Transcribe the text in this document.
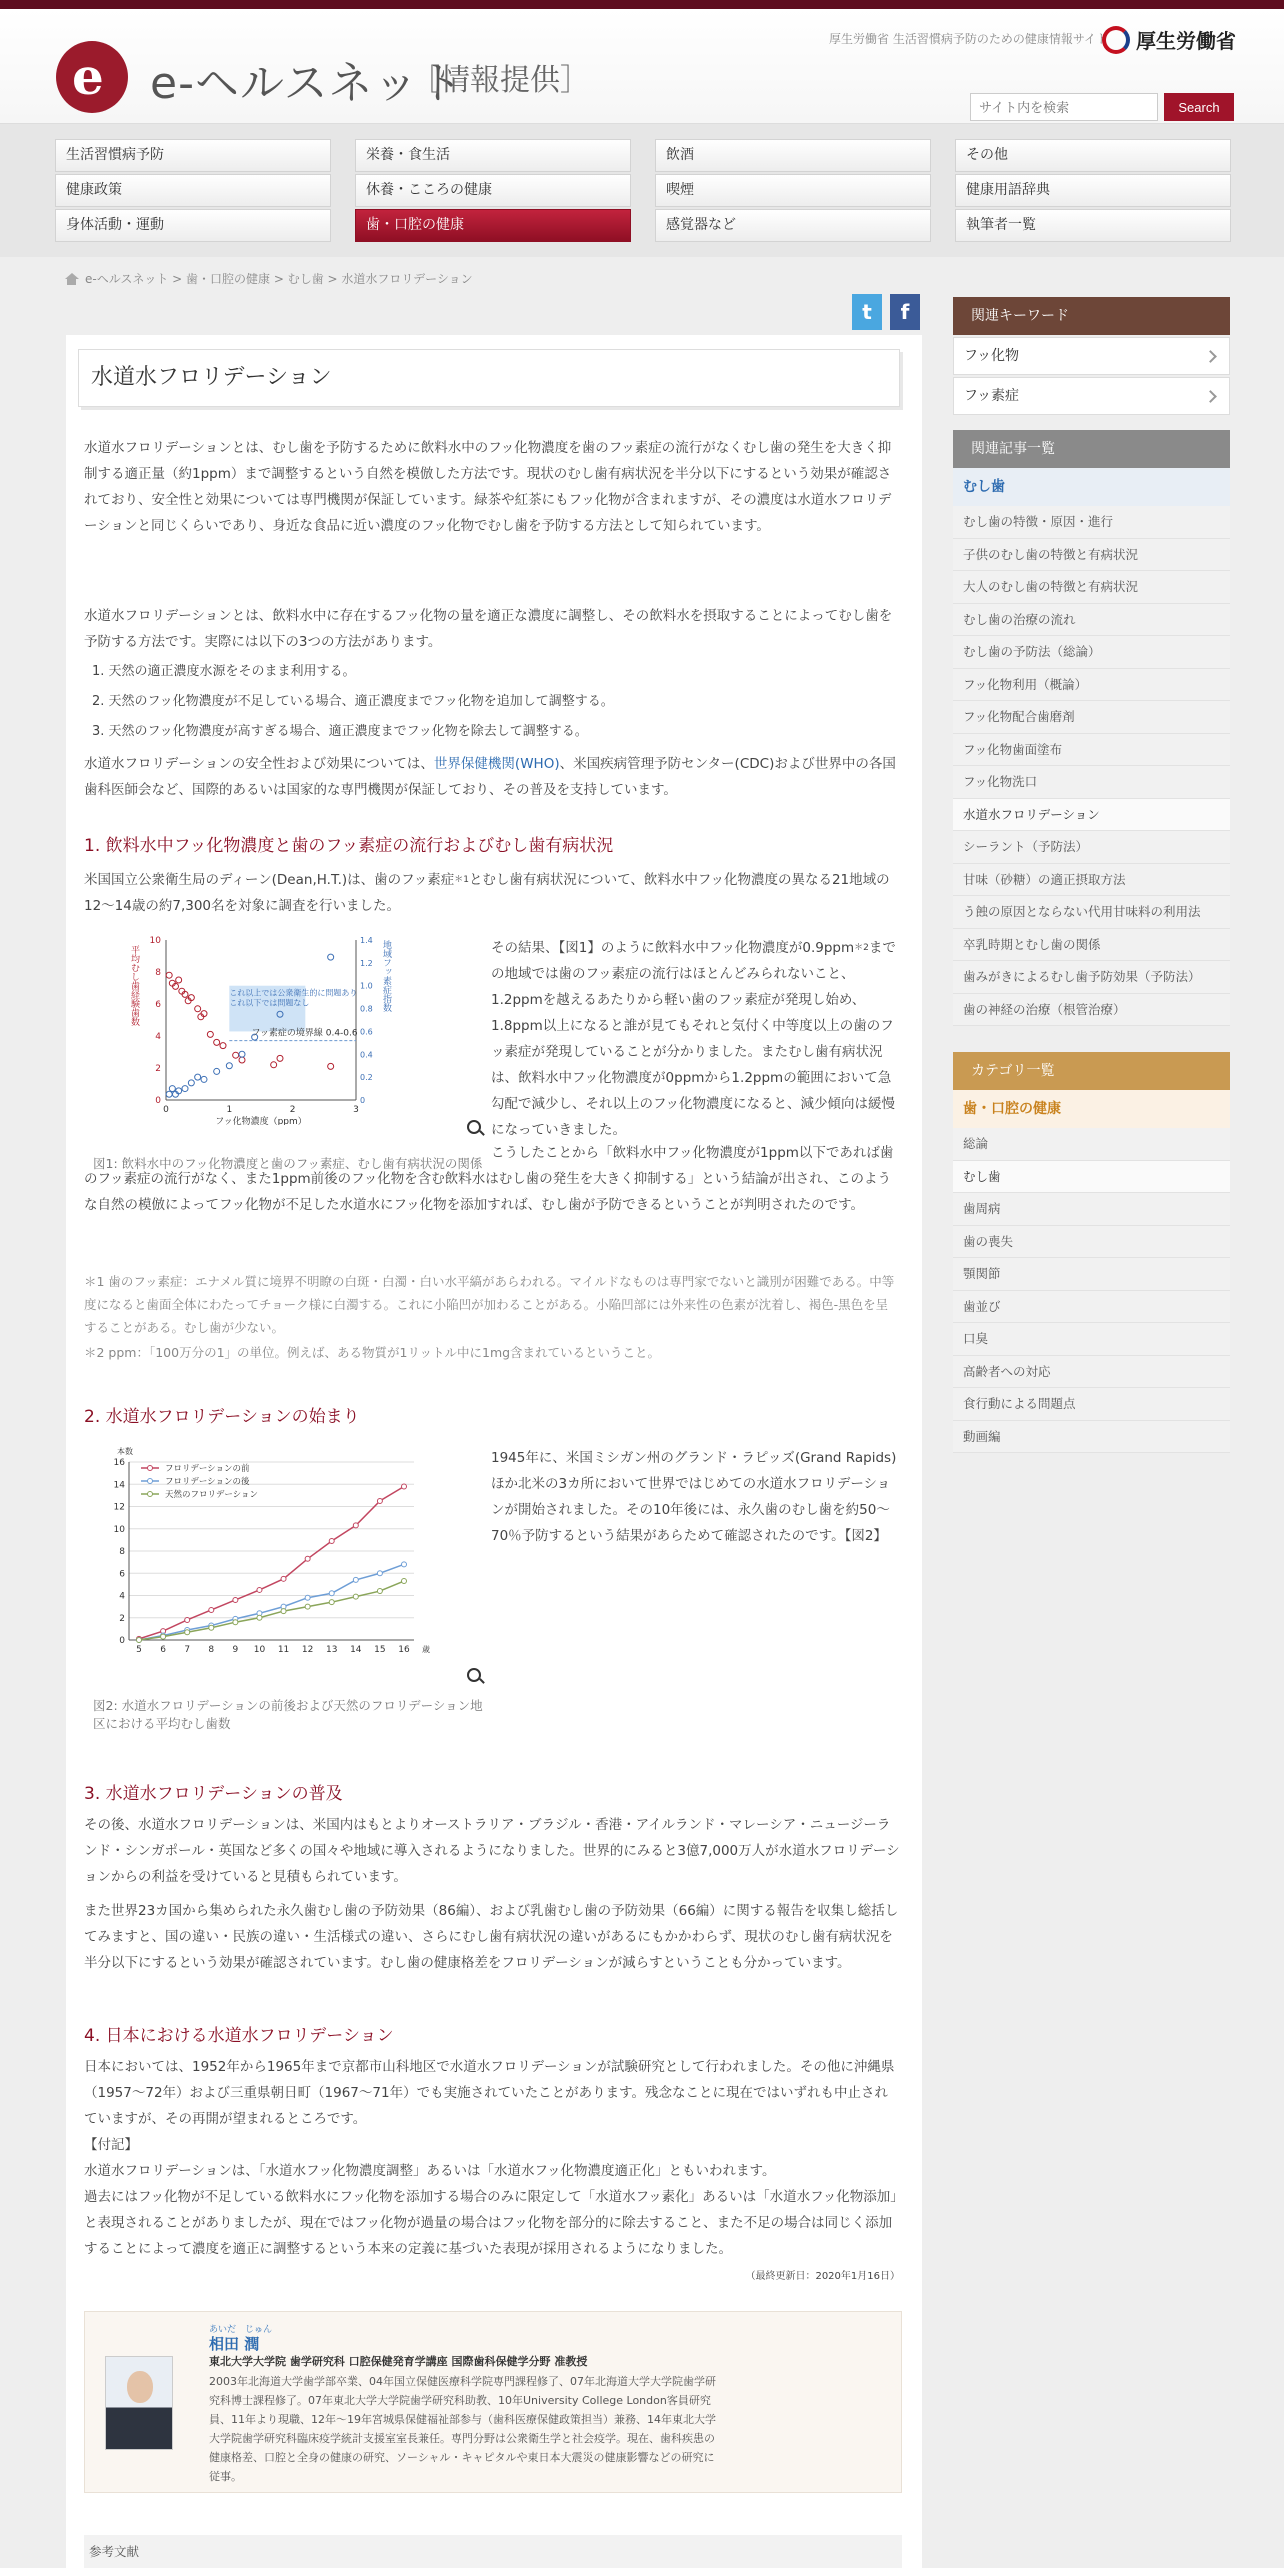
e e-ヘルスネット
［情報提供］
厚生労働省 生活習慣病予防のための健康情報サイト 厚生労働省
サイト内を検索
Search
生活習慣病予防	栄養・食生活	飲酒	その他
健康政策	休養・こころの健康	喫煙	健康用語辞典
身体活動・運動	歯・口腔の健康	感覚器など	執筆者一覧
e-ヘルスネット > 歯・口腔の健康 > むし歯 > 水道水フロリデーション
t	f
水道水フロリデーション
水道水フロリデーションとは、むし歯を予防するために飲料水中のフッ化物濃度を歯のフッ素症の流行がなくむし歯の発生を大きく抑制する適正量（約1ppm）まで調整するという自然を模倣した方法です。現状のむし歯有病状況を半分以下にするという効果が確認されており、安全性と効果については専門機関が保証しています。緑茶や紅茶にもフッ化物が含まれますが、その濃度は水道水フロリデーションと同じくらいであり、身近な食品に近い濃度のフッ化物でむし歯を予防する方法として知られています。
水道水フロリデーションとは、飲料水中に存在するフッ化物の量を適正な濃度に調整し、その飲料水を摂取することによってむし歯を予防する方法です。実際には以下の3つの方法があります。
1. 天然の適正濃度水源をそのまま利用する。
2. 天然のフッ化物濃度が不足している場合、適正濃度までフッ化物を追加して調整する。
3. 天然のフッ化物濃度が高すぎる場合、適正濃度までフッ化物を除去して調整する。
水道水フロリデーションの安全性および効果については、世界保健機関(WHO)、米国疾病管理予防センター(CDC)および世界中の各国歯科医師会など、国際的あるいは国家的な専門機関が保証しており、その普及を支持しています。
1. 飲料水中フッ化物濃度と歯のフッ素症の流行およびむし歯有病状況
米国国立公衆衛生局のディーン(Dean,H.T.)は、歯のフッ素症$^{*1}$とむし歯有病状況について、飲料水中フッ化物濃度の異なる21地域の12～14歳の約7,300名を対象に調査を行いました。
0	1	2	3
0
2
4
6
8
10
0
0.2
0.4
0.6
0.8
1.0
1.2
1.4
フッ素症の境界線 0.4-0.6
これ以上では公衆衛生的に問題あり
これ以下では問題なし
フッ化物濃度（ppm）
平均むし歯経験歯数	地域フッ素症指数
図1: 飲料水中のフッ化物濃度と歯のフッ素症、むし歯有病状況の関係
その結果、【図1】のように飲料水中フッ化物濃度が0.9ppm$^{*2}$までの地域では歯のフッ素症の流行はほとんどみられないこと、1.2ppmを越えるあたりから軽い歯のフッ素症が発現し始め、1.8ppm以上になると誰が見てもそれと気付く中等度以上の歯のフッ素症が発現していることが分かりました。またむし歯有病状況は、飲料水中フッ化物濃度が0ppmから1.2ppmの範囲において急勾配で減少し、それ以上のフッ化物濃度になると、減少傾向は緩慢になっていきました。
こうしたことから「飲料水中フッ化物濃度が1ppm以下であれば歯のフッ素症の流行がなく、また1ppm前後のフッ化物を含む飲料水はむし歯の発生を大きく抑制する」という結論が出され、このような自然の模倣によってフッ化物が不足した水道水にフッ化物を添加すれば、むし歯が予防できるということが判明されたのです。
＊1 歯のフッ素症：エナメル質に境界不明瞭の白斑・白濁・白い水平縞があらわれる。マイルドなものは専門家でないと識別が困難である。中等度になると歯面全体にわたってチョーク様に白濁する。これに小陥凹が加わることがある。小陥凹部には外来性の色素が沈着し、褐色-黒色を呈することがある。むし歯が少ない。
＊2 ppm：「100万分の1」の単位。例えば、ある物質が1リットル中に1mg含まれているということ。
2. 水道水フロリデーションの始まり
0
2
4
6
8
10
12
14
16
5 6 7 8 9 10 11 12 13 14 15 16 歳
本数
フロリデーションの前
フロリデーションの後
天然のフロリデーション
図2: 水道水フロリデーションの前後および天然のフロリデーション地区における平均むし歯数
1945年に、米国ミシガン州のグランド・ラピッズ(Grand Rapids)ほか北米の3カ所において世界ではじめての水道水フロリデーションが開始されました。その10年後には、永久歯のむし歯を約50～70％予防するという結果があらためて確認されたのです。【図2】
3. 水道水フロリデーションの普及
その後、水道水フロリデーションは、米国内はもとよりオーストラリア・ブラジル・香港・アイルランド・マレーシア・ニュージーランド・シンガポール・英国など多くの国々や地域に導入されるようになりました。世界的にみると3億7,000万人が水道水フロリデーションからの利益を受けていると見積もられています。
また世界23カ国から集められた永久歯むし歯の予防効果（86編）、および乳歯むし歯の予防効果（66編）に関する報告を収集し総括してみますと、国の違い・民族の違い・生活様式の違い、さらにむし歯有病状況の違いがあるにもかかわらず、現状のむし歯有病状況を半分以下にするという効果が確認されています。むし歯の健康格差をフロリデーションが減らすということも分かっています。
4. 日本における水道水フロリデーション
日本においては、1952年から1965年まで京都市山科地区で水道水フロリデーションが試験研究として行われました。その他に沖縄県（1957～72年）および三重県朝日町（1967～71年）でも実施されていたことがあります。残念なことに現在ではいずれも中止されていますが、その再開が望まれるところです。
【付記】
水道水フロリデーションは、「水道水フッ化物濃度調整」あるいは「水道水フッ化物濃度適正化」ともいわれます。
過去にはフッ化物が不足している飲料水にフッ化物を添加する場合のみに限定して「水道水フッ素化」あるいは「水道水フッ化物添加」と表現されることがありましたが、現在ではフッ化物が過量の場合はフッ化物を部分的に除去すること、また不足の場合は同じく添加することによって濃度を適正に調整するという本来の定義に基づいた表現が採用されるようになりました。
（最終更新日：2020年1月16日）
あいだ　じゅん
相田 潤
東北大学大学院 歯学研究科 口腔保健発育学講座 国際歯科保健学分野 准教授
2003年北海道大学歯学部卒業、04年国立保健医療科学院専門課程修了、07年北海道大学大学院歯学研究科博士課程修了。07年東北大学大学院歯学研究科助教、10年University College London客員研究員、11年より現職、12年～19年宮城県保健福祉部参与（歯科医療保健政策担当）兼務、14年東北大学大学院歯学研究科臨床疫学統計支援室室長兼任。専門分野は公衆衛生学と社会疫学。現在、歯科疾患の健康格差、口腔と全身の健康の研究、ソーシャル・キャピタルや東日本大震災の健康影響などの研究に従事。
参考文献
関連キーワード
フッ化物
フッ素症
関連記事一覧
むし歯
むし歯の特徴・原因・進行
子供のむし歯の特徴と有病状況
大人のむし歯の特徴と有病状況
むし歯の治療の流れ
むし歯の予防法（総論）
フッ化物利用（概論）
フッ化物配合歯磨剤
フッ化物歯面塗布
フッ化物洗口
水道水フロリデーション
シーラント（予防法）
甘味（砂糖）の適正摂取方法
う蝕の原因とならない代用甘味料の利用法
卒乳時期とむし歯の関係
歯みがきによるむし歯予防効果（予防法）
歯の神経の治療（根管治療）
カテゴリ一覧
歯・口腔の健康
総論
むし歯
歯周病
歯の喪失
顎関節
歯並び
口臭
高齢者への対応
食行動による問題点
動画編
